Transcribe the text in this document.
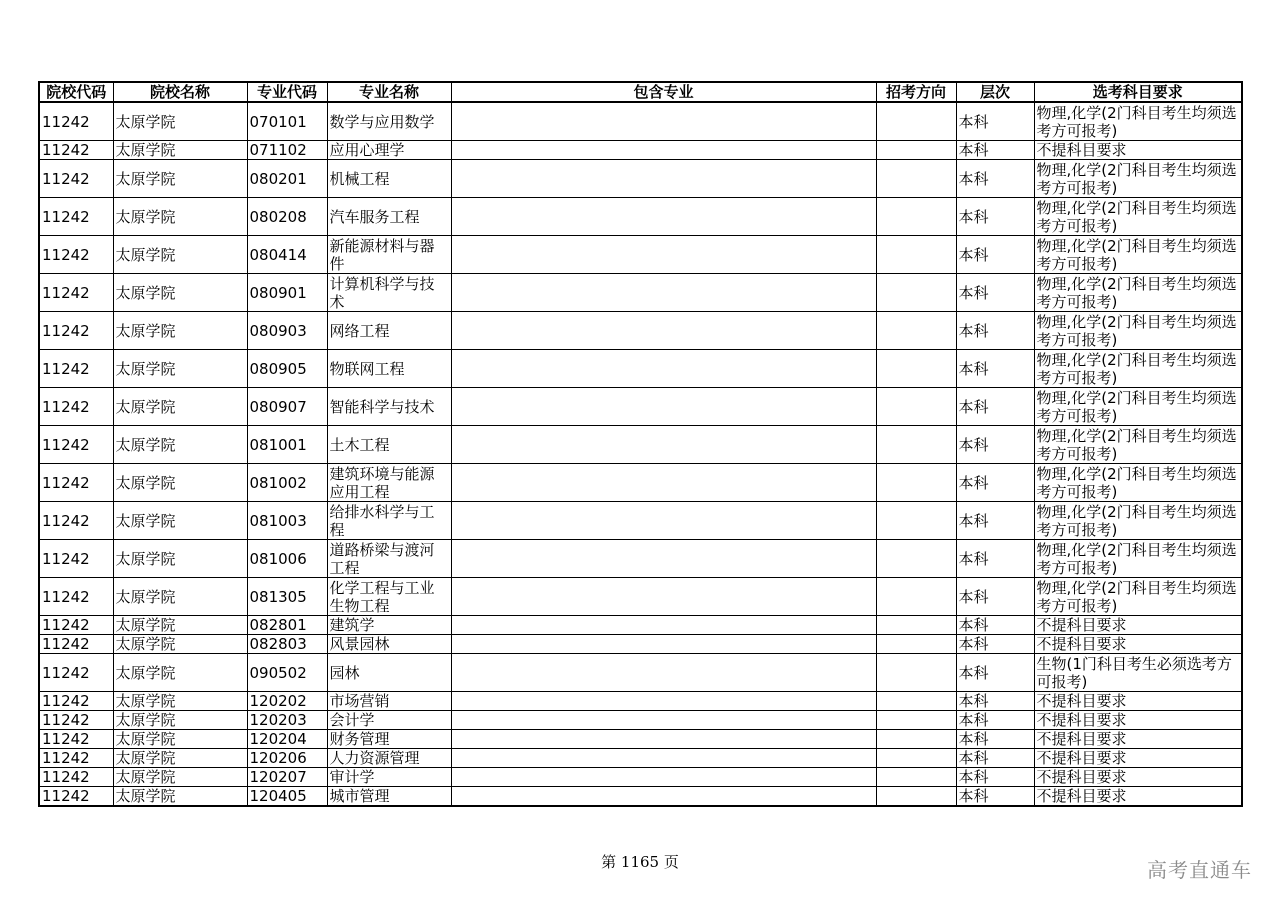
院校代码	院校名称	专业代码	专业名称	包含专业	招考方向	层次	选考科目要求
11242	太原学院	070101	数学与应用数学			本科	物理,化学(2门科目考生均须选考方可报考)
11242	太原学院	071102	应用心理学			本科	不提科目要求
11242	太原学院	080201	机械工程			本科	物理,化学(2门科目考生均须选考方可报考)
11242	太原学院	080208	汽车服务工程			本科	物理,化学(2门科目考生均须选考方可报考)
11242	太原学院	080414	新能源材料与器件			本科	物理,化学(2门科目考生均须选考方可报考)
11242	太原学院	080901	计算机科学与技术			本科	物理,化学(2门科目考生均须选考方可报考)
11242	太原学院	080903	网络工程			本科	物理,化学(2门科目考生均须选考方可报考)
11242	太原学院	080905	物联网工程			本科	物理,化学(2门科目考生均须选考方可报考)
11242	太原学院	080907	智能科学与技术			本科	物理,化学(2门科目考生均须选考方可报考)
11242	太原学院	081001	土木工程			本科	物理,化学(2门科目考生均须选考方可报考)
11242	太原学院	081002	建筑环境与能源应用工程			本科	物理,化学(2门科目考生均须选考方可报考)
11242	太原学院	081003	给排水科学与工程			本科	物理,化学(2门科目考生均须选考方可报考)
11242	太原学院	081006	道路桥梁与渡河工程			本科	物理,化学(2门科目考生均须选考方可报考)
11242	太原学院	081305	化学工程与工业生物工程			本科	物理,化学(2门科目考生均须选考方可报考)
11242	太原学院	082801	建筑学			本科	不提科目要求
11242	太原学院	082803	风景园林			本科	不提科目要求
11242	太原学院	090502	园林			本科	生物(1门科目考生必须选考方可报考)
11242	太原学院	120202	市场营销			本科	不提科目要求
11242	太原学院	120203	会计学			本科	不提科目要求
11242	太原学院	120204	财务管理			本科	不提科目要求
11242	太原学院	120206	人力资源管理			本科	不提科目要求
11242	太原学院	120207	审计学			本科	不提科目要求
11242	太原学院	120405	城市管理			本科	不提科目要求
第 1165 页	高考直通车
